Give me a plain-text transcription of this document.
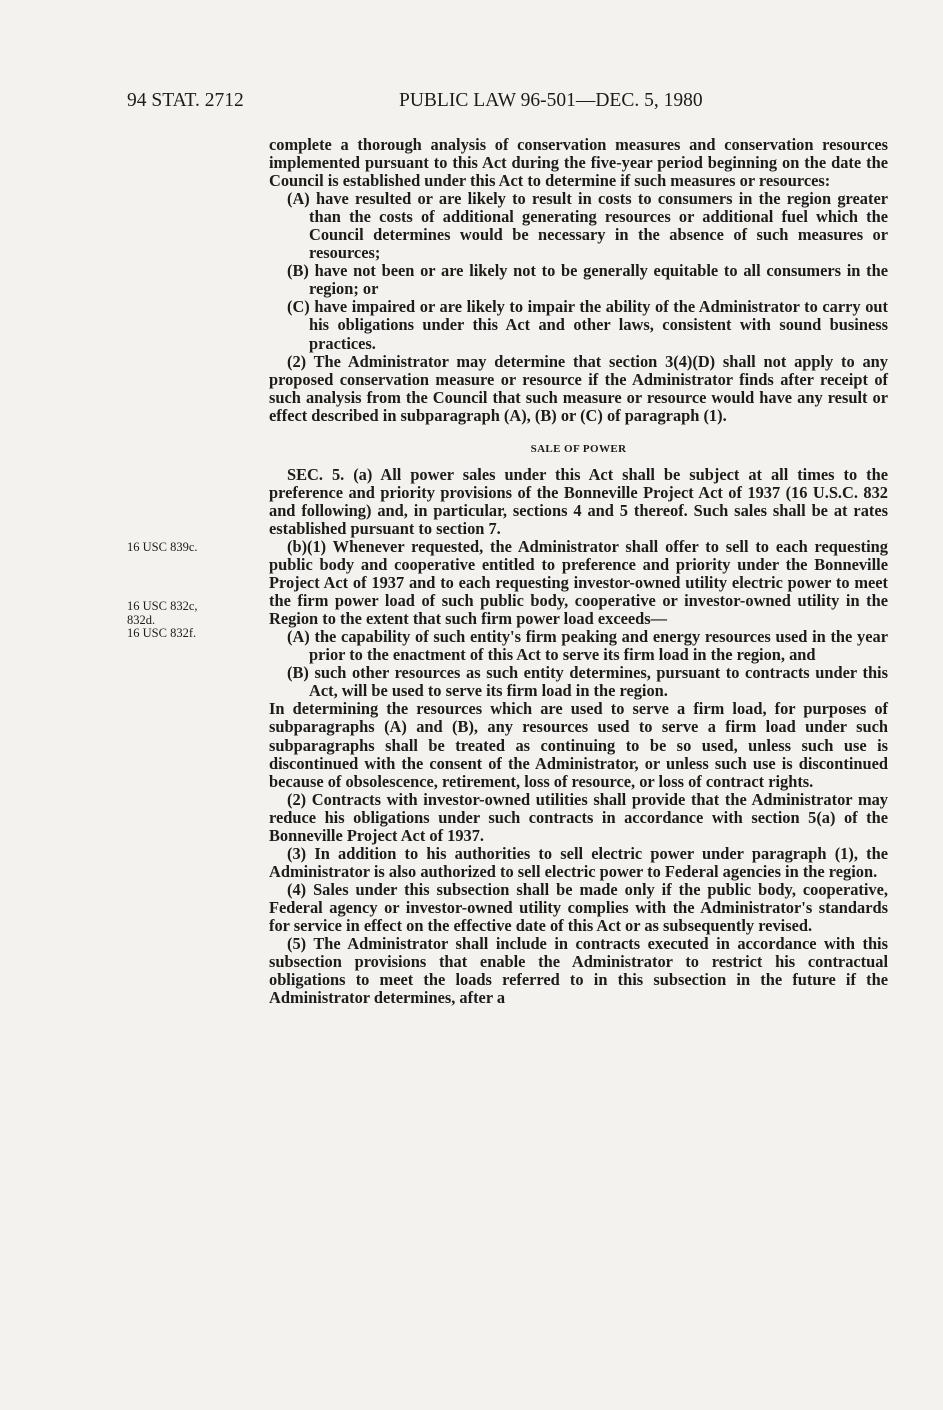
94 STAT. 2712	PUBLIC LAW 96-501—DEC. 5, 1980

16 USC 839c.
16 USC 832c,
832d.
16 USC 832f.

complete a thorough analysis of conservation measures and conservation resources implemented pursuant to this Act during the five-year period beginning on the date the Council is established under this Act to determine if such measures or resources:

(A) have resulted or are likely to result in costs to consumers in the region greater than the costs of additional generating resources or additional fuel which the Council determines would be necessary in the absence of such measures or resources;

(B) have not been or are likely not to be generally equitable to all consumers in the region; or

(C) have impaired or are likely to impair the ability of the Administrator to carry out his obligations under this Act and other laws, consistent with sound business practices.

(2) The Administrator may determine that section 3(4)(D) shall not apply to any proposed conservation measure or resource if the Administrator finds after receipt of such analysis from the Council that such measure or resource would have any result or effect described in subparagraph (A), (B) or (C) of paragraph (1).

SALE OF POWER

SEC. 5. (a) All power sales under this Act shall be subject at all times to the preference and priority provisions of the Bonneville Project Act of 1937 (16 U.S.C. 832 and following) and, in particular, sections 4 and 5 thereof. Such sales shall be at rates established pursuant to section 7.

(b)(1) Whenever requested, the Administrator shall offer to sell to each requesting public body and cooperative entitled to preference and priority under the Bonneville Project Act of 1937 and to each requesting investor-owned utility electric power to meet the firm power load of such public body, cooperative or investor-owned utility in the Region to the extent that such firm power load exceeds—

(A) the capability of such entity's firm peaking and energy resources used in the year prior to the enactment of this Act to serve its firm load in the region, and

(B) such other resources as such entity determines, pursuant to contracts under this Act, will be used to serve its firm load in the region.

In determining the resources which are used to serve a firm load, for purposes of subparagraphs (A) and (B), any resources used to serve a firm load under such subparagraphs shall be treated as continuing to be so used, unless such use is discontinued with the consent of the Administrator, or unless such use is discontinued because of obsolescence, retirement, loss of resource, or loss of contract rights.

(2) Contracts with investor-owned utilities shall provide that the Administrator may reduce his obligations under such contracts in accordance with section 5(a) of the Bonneville Project Act of 1937.

(3) In addition to his authorities to sell electric power under paragraph (1), the Administrator is also authorized to sell electric power to Federal agencies in the region.

(4) Sales under this subsection shall be made only if the public body, cooperative, Federal agency or investor-owned utility complies with the Administrator's standards for service in effect on the effective date of this Act or as subsequently revised.

(5) The Administrator shall include in contracts executed in accordance with this subsection provisions that enable the Administrator to restrict his contractual obligations to meet the loads referred to in this subsection in the future if the Administrator determines, after a
